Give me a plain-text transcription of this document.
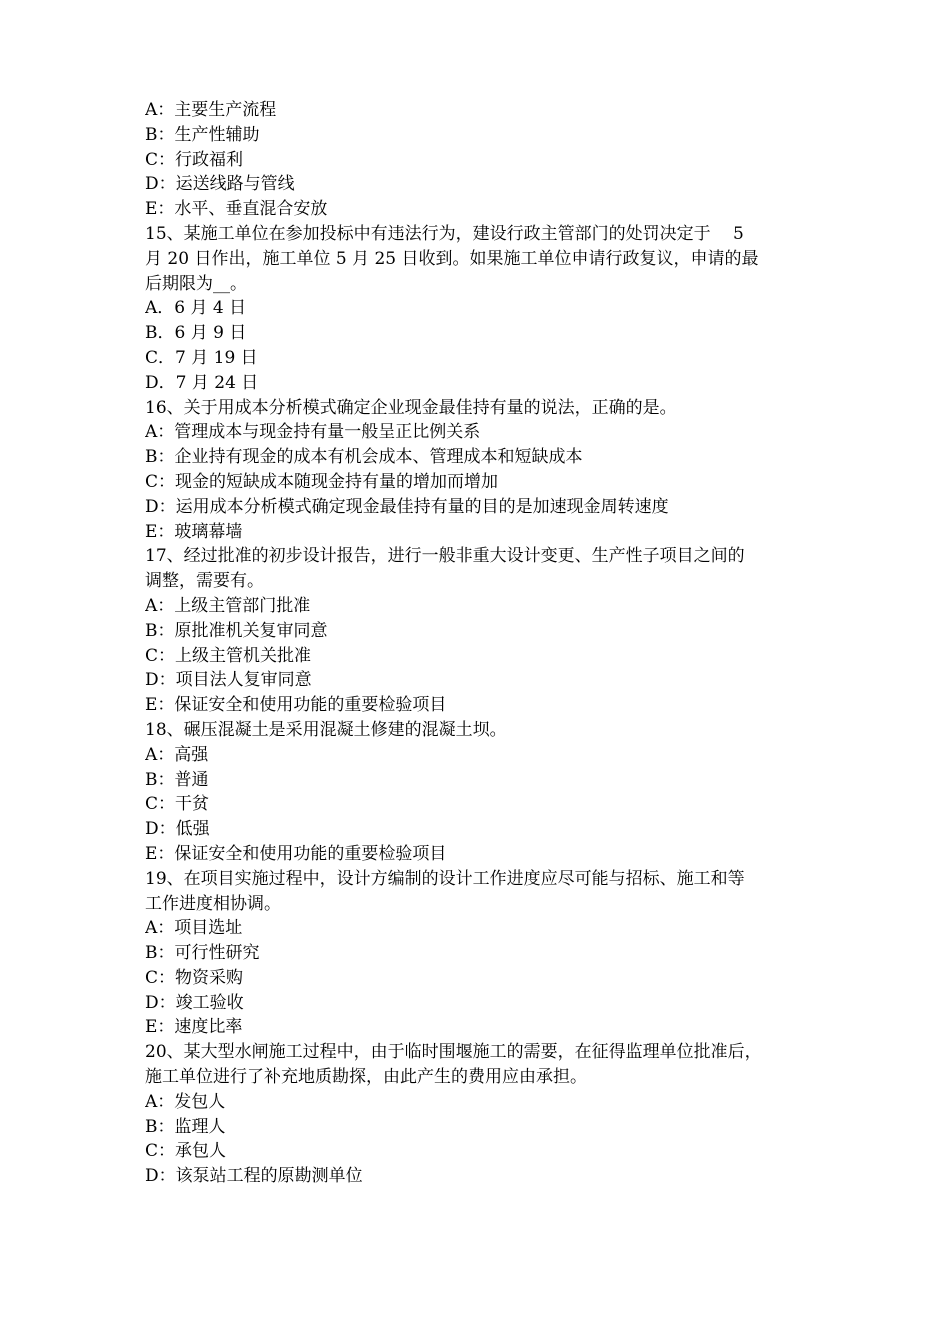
A：主要生产流程
B：生产性辅助
C：行政福利
D：运送线路与管线
E：水平、垂直混合安放
15、某施工单位在参加投标中有违法行为，建设行政主管部门的处罚决定于　 5
月 20 日作出，施工单位 5 月 25 日收到。如果施工单位申请行政复议，申请的最
后期限为__。
A．6 月 4 日
B．6 月 9 日
C．7 月 19 日
D．7 月 24 日
16、关于用成本分析模式确定企业现金最佳持有量的说法，正确的是。
A：管理成本与现金持有量一般呈正比例关系
B：企业持有现金的成本有机会成本、管理成本和短缺成本
C：现金的短缺成本随现金持有量的增加而增加
D：运用成本分析模式确定现金最佳持有量的目的是加速现金周转速度
E：玻璃幕墙
17、经过批准的初步设计报告，进行一般非重大设计变更、生产性子项目之间的
调整，需要有。
A：上级主管部门批准
B：原批准机关复审同意
C：上级主管机关批准
D：项目法人复审同意
E：保证安全和使用功能的重要检验项目
18、碾压混凝土是采用混凝土修建的混凝土坝。
A：高强
B：普通
C：干贫
D：低强
E：保证安全和使用功能的重要检验项目
19、在项目实施过程中，设计方编制的设计工作进度应尽可能与招标、施工和等
工作进度相协调。
A：项目选址
B：可行性研究
C：物资采购
D：竣工验收
E：速度比率
20、某大型水闸施工过程中，由于临时围堰施工的需要，在征得监理单位批准后，
施工单位进行了补充地质勘探，由此产生的费用应由承担。
A：发包人
B：监理人
C：承包人
D：该泵站工程的原勘测单位
